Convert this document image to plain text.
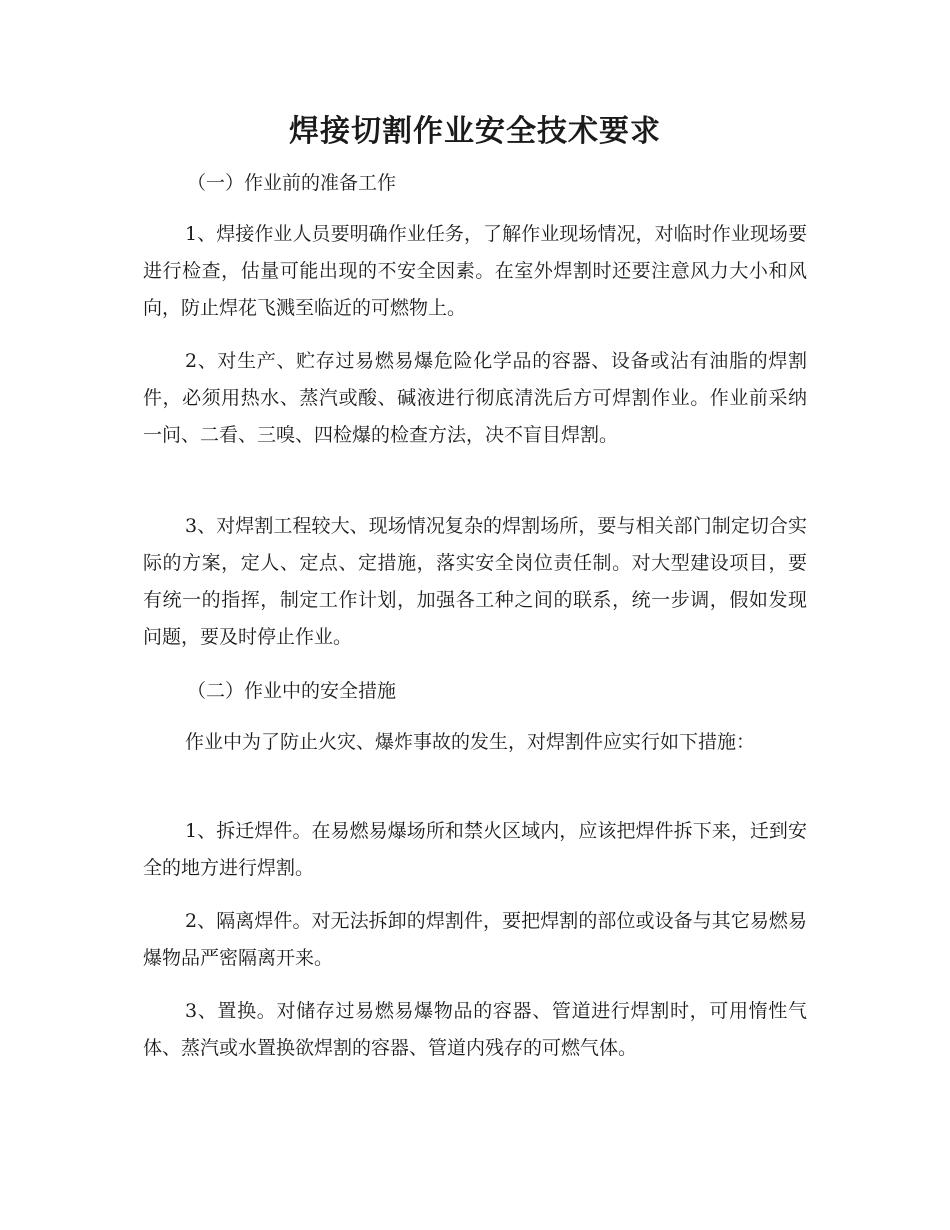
焊接切割作业安全技术要求

（一）作业前的准备工作

1、焊接作业人员要明确作业任务，了解作业现场情况，对临时作业现场要进行检查，估量可能出现的不安全因素。在室外焊割时还要注意风力大小和风向，防止焊花飞溅至临近的可燃物上。

2、对生产、贮存过易燃易爆危险化学品的容器、设备或沾有油脂的焊割件，必须用热水、蒸汽或酸、碱液进行彻底清洗后方可焊割作业。作业前采纳一问、二看、三嗅、四检爆的检查方法，决不盲目焊割。

3、对焊割工程较大、现场情况复杂的焊割场所，要与相关部门制定切合实际的方案，定人、定点、定措施，落实安全岗位责任制。对大型建设项目，要有统一的指挥，制定工作计划，加强各工种之间的联系，统一步调，假如发现问题，要及时停止作业。

（二）作业中的安全措施

作业中为了防止火灾、爆炸事故的发生，对焊割件应实行如下措施：

1、拆迁焊件。在易燃易爆场所和禁火区域内，应该把焊件拆下来，迁到安全的地方进行焊割。

2、隔离焊件。对无法拆卸的焊割件，要把焊割的部位或设备与其它易燃易爆物品严密隔离开来。

3、置换。对储存过易燃易爆物品的容器、管道进行焊割时，可用惰性气体、蒸汽或水置换欲焊割的容器、管道内残存的可燃气体。
